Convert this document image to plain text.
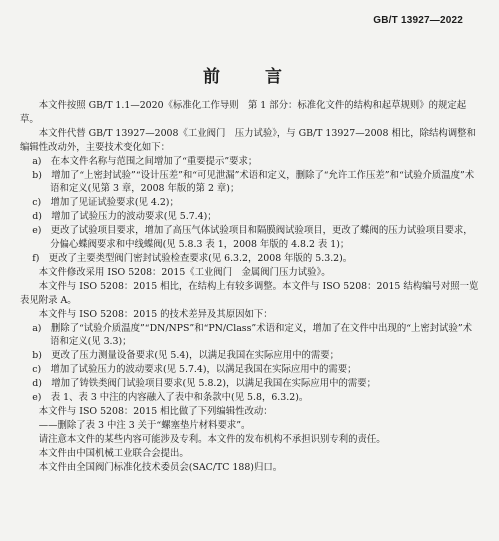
GB/T 13927—2022
前　言

本文件按照 GB/T 1.1—2020《标准化工作导则　第 1 部分：标准化文件的结构和起草规则》的规定起草。

本文件代替 GB/T 13927—2008《工业阀门　压力试验》，与 GB/T 13927—2008 相比，除结构调整和编辑性改动外，主要技术变化如下：

a)　在本文件名称与范围之间增加了“重要提示”要求；

b)　增加了“上密封试验”“设计压差”和“可见泄漏”术语和定义，删除了“允许工作压差”和“试验介质温度”术语和定义(见第 3 章，2008 年版的第 2 章)；

c)　增加了见证试验要求(见 4.2)；

d)　增加了试验压力的波动要求(见 5.7.4)；

e)　更改了试验项目要求，增加了高压气体试验项目和隔膜阀试验项目，更改了蝶阀的压力试验项目要求，分偏心蝶阀要求和中线蝶阀(见 5.8.3 表 1，2008 年版的 4.8.2 表 1)；

f)　更改了主要类型阀门密封试验检查要求(见 6.3.2，2008 年版的 5.3.2)。

本文件修改采用 ISO 5208：2015《工业阀门　金属阀门压力试验》。

本文件与 ISO 5208：2015 相比，在结构上有较多调整。本文件与 ISO 5208：2015 结构编号对照一览表见附录 A。

本文件与 ISO 5208：2015 的技术差异及其原因如下：

a)　删除了“试验介质温度”“DN/NPS”和“PN/Class”术语和定义，增加了在文件中出现的“上密封试验”术语和定义(见 3.3)；

b)　更改了压力测量设备要求(见 5.4)，以满足我国在实际应用中的需要；

c)　增加了试验压力的波动要求(见 5.7.4)，以满足我国在实际应用中的需要；

d)　增加了铸铁类阀门试验项目要求(见 5.8.2)，以满足我国在实际应用中的需要；

e)　表 1、表 3 中注的内容融入了表中和条款中(见 5.8，6.3.2)。

本文件与 ISO 5208：2015 相比做了下列编辑性改动：

——删除了表 3 中注 3 关于“螺塞垫片材料要求”。

请注意本文件的某些内容可能涉及专利。本文件的发布机构不承担识别专利的责任。

本文件由中国机械工业联合会提出。

本文件由全国阀门标准化技术委员会(SAC/TC 188)归口。
